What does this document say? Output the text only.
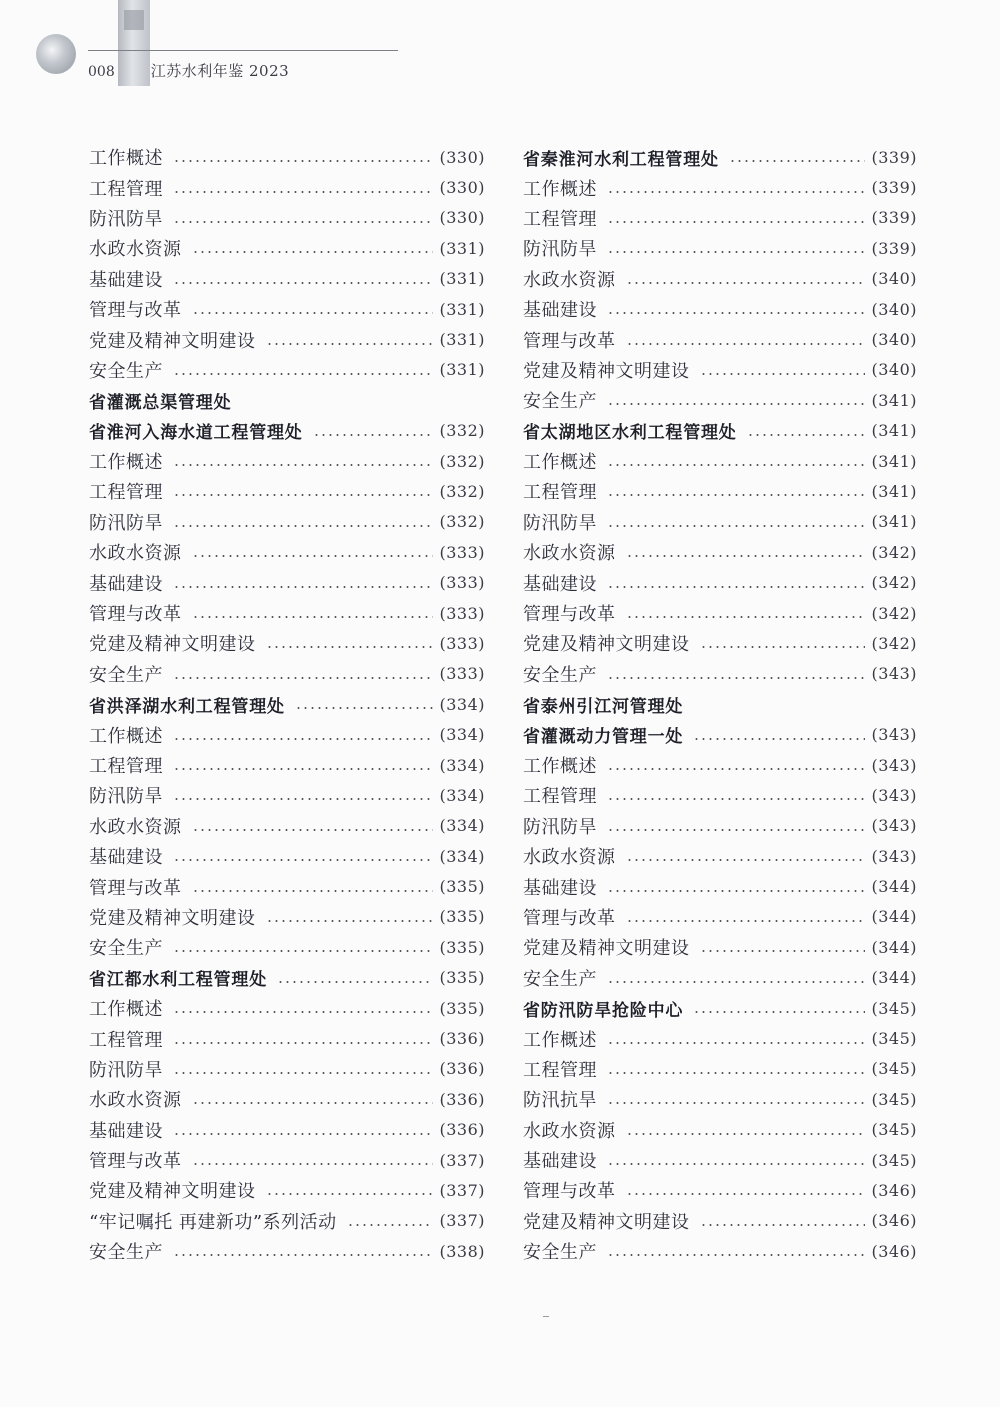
008 江苏水利年鉴 2023
工作概述	(330)
工程管理	(330)
防汛防旱	(330)
水政水资源	(331)
基础建设	(331)
管理与改革	(331)
党建及精神文明建设	(331)
安全生产	(331)
省灌溉总渠管理处
省淮河入海水道工程管理处	(332)
工作概述	(332)
工程管理	(332)
防汛防旱	(332)
水政水资源	(333)
基础建设	(333)
管理与改革	(333)
党建及精神文明建设	(333)
安全生产	(333)
省洪泽湖水利工程管理处	(334)
工作概述	(334)
工程管理	(334)
防汛防旱	(334)
水政水资源	(334)
基础建设	(334)
管理与改革	(335)
党建及精神文明建设	(335)
安全生产	(335)
省江都水利工程管理处	(335)
工作概述	(335)
工程管理	(336)
防汛防旱	(336)
水政水资源	(336)
基础建设	(336)
管理与改革	(337)
党建及精神文明建设	(337)
“牢记嘱托 再建新功”系列活动	(337)
安全生产	(338)
省秦淮河水利工程管理处	(339)
工作概述	(339)
工程管理	(339)
防汛防旱	(339)
水政水资源	(340)
基础建设	(340)
管理与改革	(340)
党建及精神文明建设	(340)
安全生产	(341)
省太湖地区水利工程管理处	(341)
工作概述	(341)
工程管理	(341)
防汛防旱	(341)
水政水资源	(342)
基础建设	(342)
管理与改革	(342)
党建及精神文明建设	(342)
安全生产	(343)
省泰州引江河管理处
省灌溉动力管理一处	(343)
工作概述	(343)
工程管理	(343)
防汛防旱	(343)
水政水资源	(343)
基础建设	(344)
管理与改革	(344)
党建及精神文明建设	(344)
安全生产	(344)
省防汛防旱抢险中心	(345)
工作概述	(345)
工程管理	(345)
防汛抗旱	(345)
水政水资源	(345)
基础建设	(345)
管理与改革	(346)
党建及精神文明建设	(346)
安全生产	(346)
